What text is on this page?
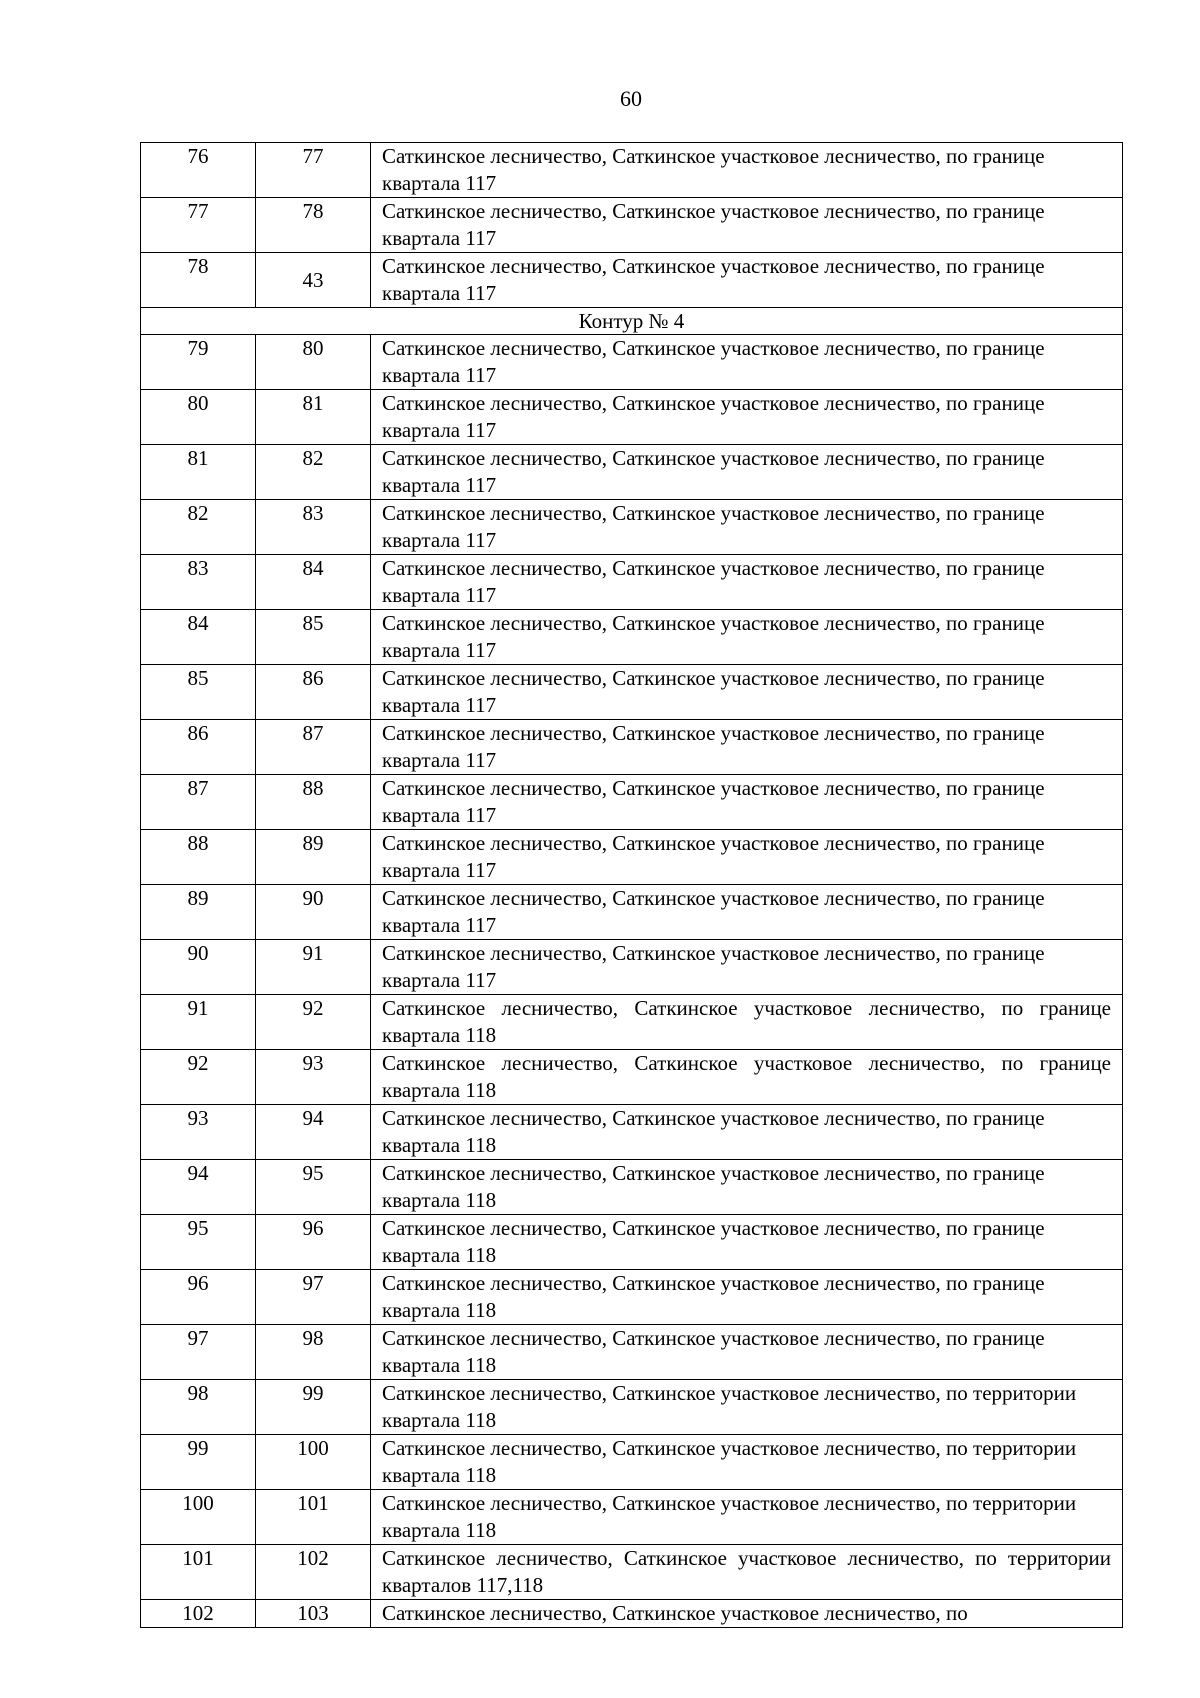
60
76	77	Саткинское лесничество, Саткинское участковое лесничество, по границе квартала 117
77	78	Саткинское лесничество, Саткинское участковое лесничество, по границе квартала 117
78	43	Саткинское лесничество, Саткинское участковое лесничество, по границе квартала 117
Контур № 4		
79	80	Саткинское лесничество, Саткинское участковое лесничество, по границе квартала 117
80	81	Саткинское лесничество, Саткинское участковое лесничество, по границе квартала 117
81	82	Саткинское лесничество, Саткинское участковое лесничество, по границе квартала 117
82	83	Саткинское лесничество, Саткинское участковое лесничество, по границе квартала 117
83	84	Саткинское лесничество, Саткинское участковое лесничество, по границе квартала 117
84	85	Саткинское лесничество, Саткинское участковое лесничество, по границе квартала 117
85	86	Саткинское лесничество, Саткинское участковое лесничество, по границе квартала 117
86	87	Саткинское лесничество, Саткинское участковое лесничество, по границе квартала 117
87	88	Саткинское лесничество, Саткинское участковое лесничество, по границе квартала 117
88	89	Саткинское лесничество, Саткинское участковое лесничество, по границе квартала 117
89	90	Саткинское лесничество, Саткинское участковое лесничество, по границе квартала 117
90	91	Саткинское лесничество, Саткинское участковое лесничество, по границе квартала 117
91	92	Саткинское лесничество, Саткинское участковое лесничество, по границе квартала 118
92	93	Саткинское лесничество, Саткинское участковое лесничество, по границе квартала 118
93	94	Саткинское лесничество, Саткинское участковое лесничество, по границе квартала 118
94	95	Саткинское лесничество, Саткинское участковое лесничество, по границе квартала 118
95	96	Саткинское лесничество, Саткинское участковое лесничество, по границе квартала 118
96	97	Саткинское лесничество, Саткинское участковое лесничество, по границе квартала 118
97	98	Саткинское лесничество, Саткинское участковое лесничество, по границе квартала 118
98	99	Саткинское лесничество, Саткинское участковое лесничество, по территории квартала 118
99	100	Саткинское лесничество, Саткинское участковое лесничество, по территории квартала 118
100	101	Саткинское лесничество, Саткинское участковое лесничество, по территории квартала 118
101	102	Саткинское лесничество, Саткинское участковое лесничество, по территории кварталов 117,118
102	103	Саткинское лесничество, Саткинское участковое лесничество, по
